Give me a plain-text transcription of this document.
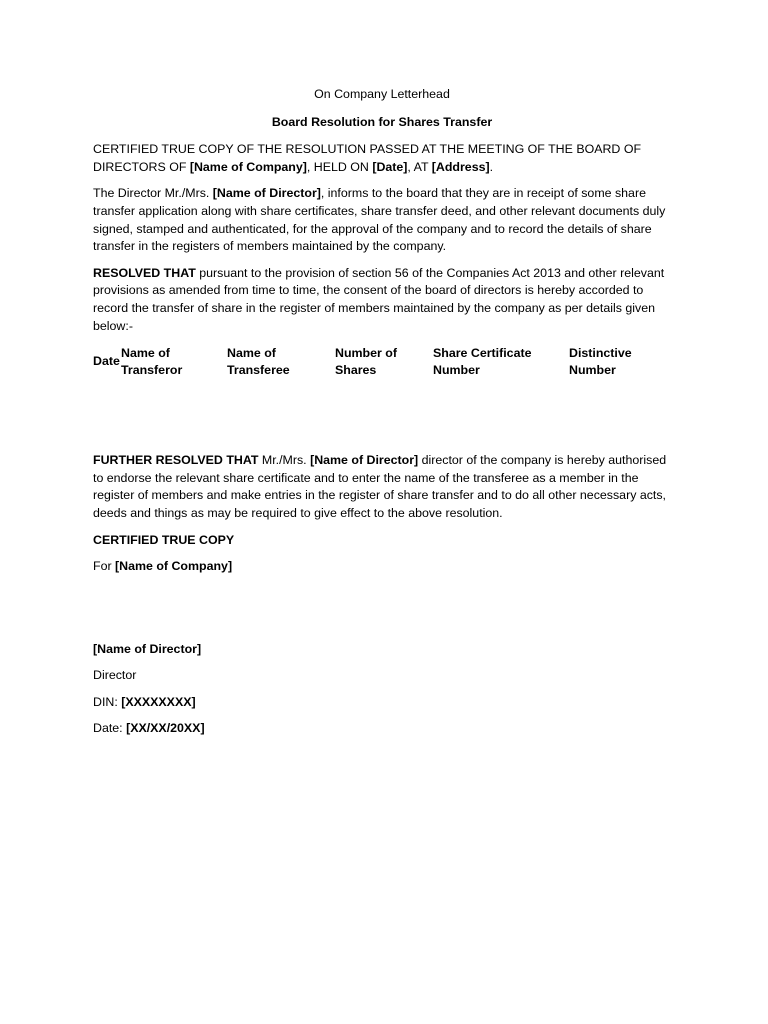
On Company Letterhead

Board Resolution for Shares Transfer

CERTIFIED TRUE COPY OF THE RESOLUTION PASSED AT THE MEETING OF THE BOARD OF DIRECTORS OF [Name of Company], HELD ON [Date], AT [Address].

The Director Mr./Mrs. [Name of Director], informs to the board that they are in receipt of some share transfer application along with share certificates, share transfer deed, and other relevant documents duly signed, stamped and authenticated, for the approval of the company and to record the details of share transfer in the registers of members maintained by the company.

RESOLVED THAT pursuant to the provision of section 56 of the Companies Act 2013 and other relevant provisions as amended from time to time, the consent of the board of directors is hereby accorded to record the transfer of share in the register of members maintained by the company as per details given below:-

Date
Name of Transferor
Name of Transferee
Number of Shares
Share Certificate Number
Distinctive Number

FURTHER RESOLVED THAT Mr./Mrs. [Name of Director] director of the company is hereby authorised to endorse the relevant share certificate and to enter the name of the transferee as a member in the register of members and make entries in the register of share transfer and to do all other necessary acts, deeds and things as may be required to give effect to the above resolution.

CERTIFIED TRUE COPY

For [Name of Company]

[Name of Director]

Director

DIN: [XXXXXXXX]

Date: [XX/XX/20XX]
